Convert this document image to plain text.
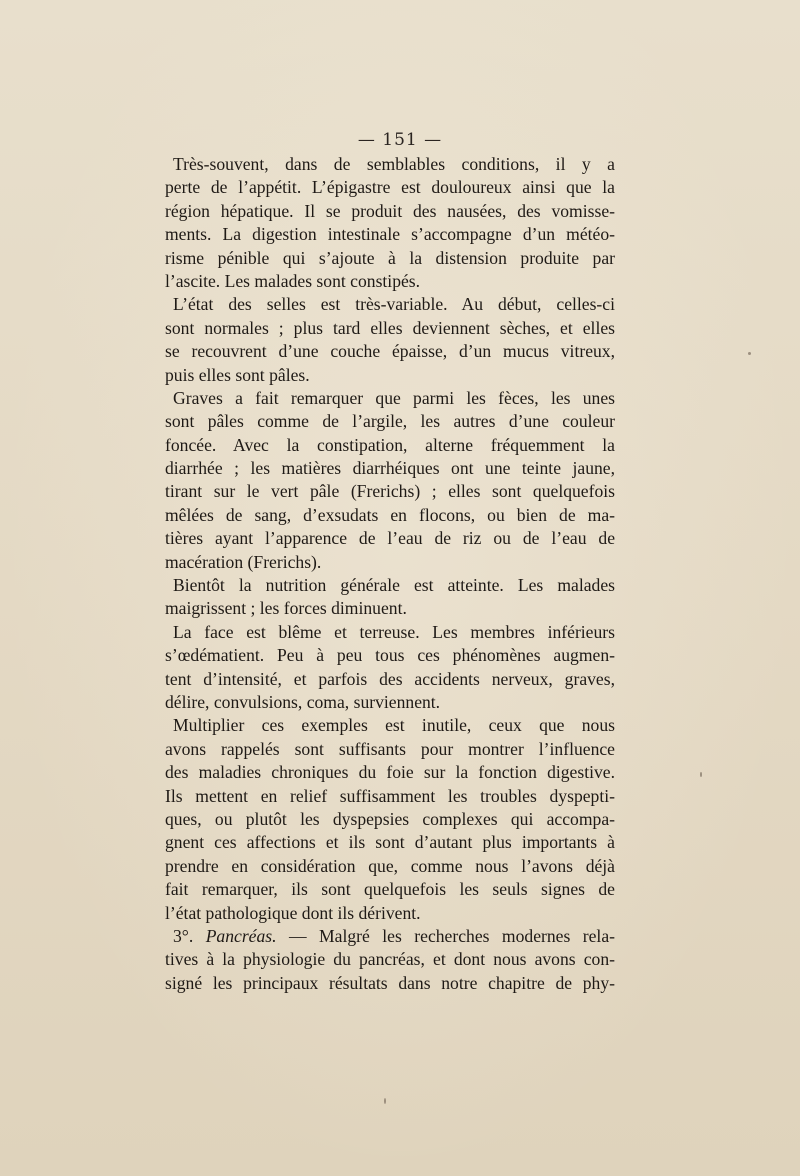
— 151 —
Très-souvent, dans de semblables conditions, il y a
perte de l’appétit. L’épigastre est douloureux ainsi que la
région hépatique. Il se produit des nausées, des vomisse-
ments. La digestion intestinale s’accompagne d’un météo-
risme pénible qui s’ajoute à la distension produite par
l’ascite. Les malades sont constipés.
L’état des selles est très-variable. Au début, celles-ci
sont normales ; plus tard elles deviennent sèches, et elles
se recouvrent d’une couche épaisse, d’un mucus vitreux,
puis elles sont pâles.
Graves a fait remarquer que parmi les fèces, les unes
sont pâles comme de l’argile, les autres d’une couleur
foncée. Avec la constipation, alterne fréquemment la
diarrhée ; les matières diarrhéiques ont une teinte jaune,
tirant sur le vert pâle (Frerichs) ; elles sont quelquefois
mêlées de sang, d’exsudats en flocons, ou bien de ma-
tières ayant l’apparence de l’eau de riz ou de l’eau de
macération (Frerichs).
Bientôt la nutrition générale est atteinte. Les malades
maigrissent ; les forces diminuent.
La face est blême et terreuse. Les membres inférieurs
s’œdématient. Peu à peu tous ces phénomènes augmen-
tent d’intensité, et parfois des accidents nerveux, graves,
délire, convulsions, coma, surviennent.
Multiplier ces exemples est inutile, ceux que nous
avons rappelés sont suffisants pour montrer l’influence
des maladies chroniques du foie sur la fonction digestive.
Ils mettent en relief suffisamment les troubles dyspepti-
ques, ou plutôt les dyspepsies complexes qui accompa-
gnent ces affections et ils sont d’autant plus importants à
prendre en considération que, comme nous l’avons déjà
fait remarquer, ils sont quelquefois les seuls signes de
l’état pathologique dont ils dérivent.
3°. Pancréas. — Malgré les recherches modernes rela-
tives à la physiologie du pancréas, et dont nous avons con-
signé les principaux résultats dans notre chapitre de phy-
